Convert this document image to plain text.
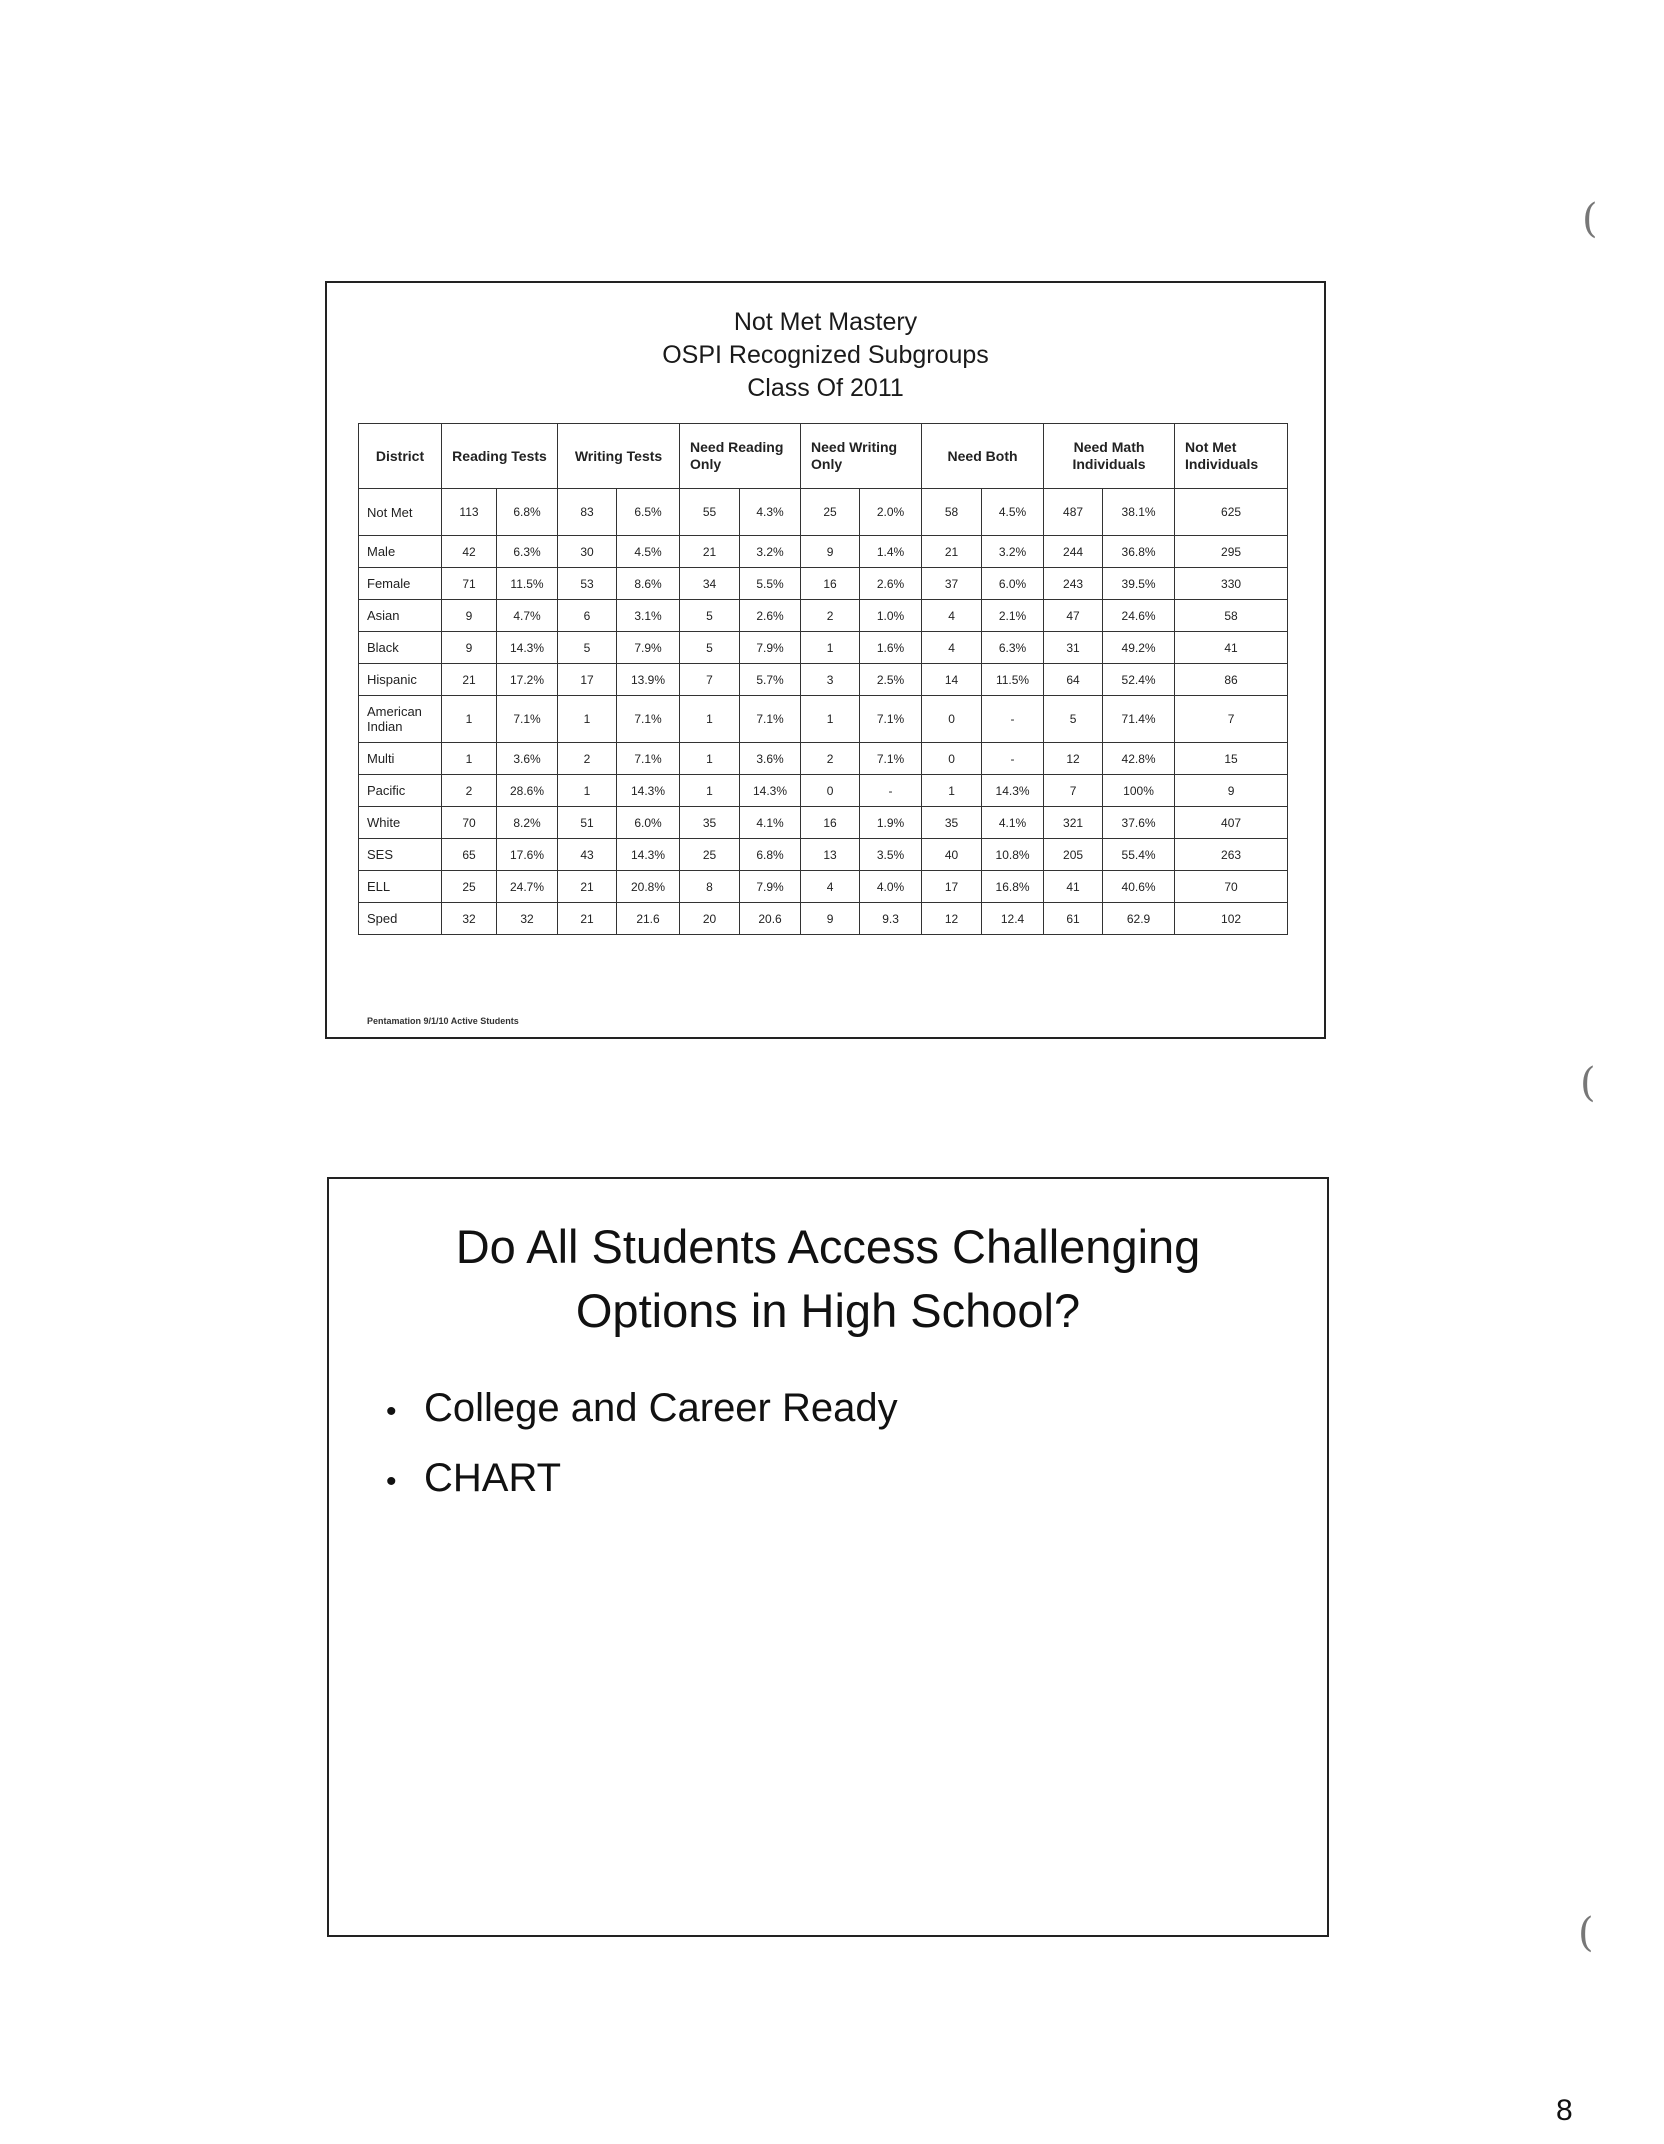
Not Met Mastery
OSPI Recognized Subgroups
Class Of 2011
District	Reading Tests		Writing Tests		Need Reading Only		Need Writing Only		Need Both		Need Math Individuals		Not Met Individuals
Not Met	113	6.8%	83	6.5%	55	4.3%	25	2.0%	58	4.5%	487	38.1%	625
Male	42	6.3%	30	4.5%	21	3.2%	9	1.4%	21	3.2%	244	36.8%	295
Female	71	11.5%	53	8.6%	34	5.5%	16	2.6%	37	6.0%	243	39.5%	330
Asian	9	4.7%	6	3.1%	5	2.6%	2	1.0%	4	2.1%	47	24.6%	58
Black	9	14.3%	5	7.9%	5	7.9%	1	1.6%	4	6.3%	31	49.2%	41
Hispanic	21	17.2%	17	13.9%	7	5.7%	3	2.5%	14	11.5%	64	52.4%	86
American Indian	1	7.1%	1	7.1%	1	7.1%	1	7.1%	0	-	5	71.4%	7
Multi	1	3.6%	2	7.1%	1	3.6%	2	7.1%	0	-	12	42.8%	15
Pacific	2	28.6%	1	14.3%	1	14.3%	0	-	1	14.3%	7	100%	9
White	70	8.2%	51	6.0%	35	4.1%	16	1.9%	35	4.1%	321	37.6%	407
SES	65	17.6%	43	14.3%	25	6.8%	13	3.5%	40	10.8%	205	55.4%	263
ELL	25	24.7%	21	20.8%	8	7.9%	4	4.0%	17	16.8%	41	40.6%	70
Sped	32	32	21	21.6	20	20.6	9	9.3	12	12.4	61	62.9	102
Pentamation 9/1/10 Active Students
Do All Students Access Challenging
Options in High School?
• College and Career Ready
• CHART
(
(
(
8
